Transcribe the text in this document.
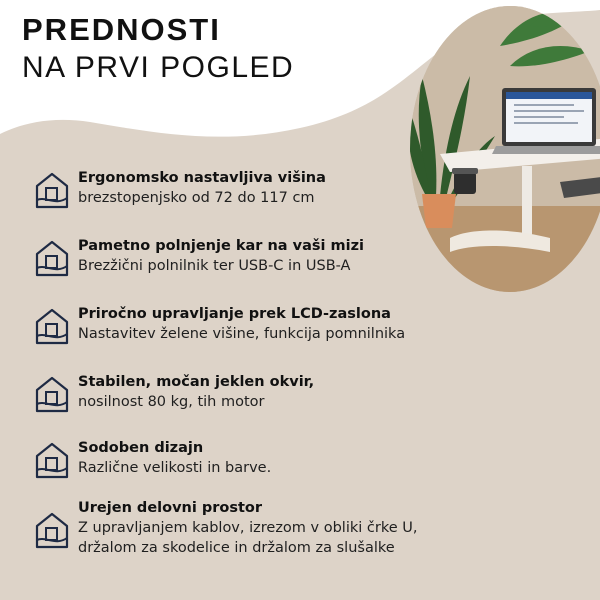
PREDNOSTI
NA PRVI POGLED
Ergonomsko nastavljiva višina
brezstopenjsko od 72 do 117 cm
Pametno polnjenje kar na vaši mizi
Brezžični polnilnik ter USB-C in USB-A
Priročno upravljanje prek LCD-zaslona
Nastavitev želene višine, funkcija pomnilnika
Stabilen, močan jeklen okvir,
nosilnost 80 kg, tih motor
Sodoben dizajn
Različne velikosti in barve.
Urejen delovni prostor
Z upravljanjem kablov, izrezom v obliki črke U,
držalom za skodelice in držalom za slušalke
